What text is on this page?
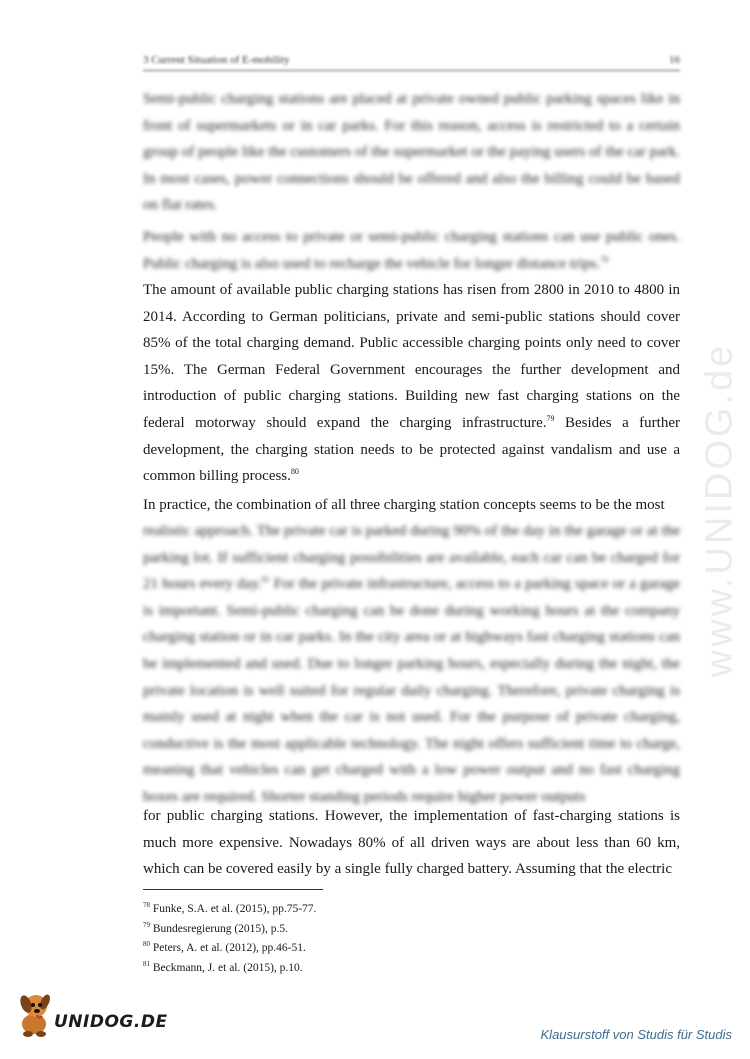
3 Current Situation of E-mobility	16
Semi-public charging stations are placed at private owned public parking spaces like in front of supermarkets or in car parks. For this reason, access is restricted to a certain group of people like the customers of the supermarket or the paying users of the car park. In most cases, power connections should be offered and also the billing could be based on flat rates.
People with no access to private or semi-public charging stations can use public ones. Public charging is also used to recharge the vehicle for longer distance trips.$^{78}$
The amount of available public charging stations has risen from 2800 in 2010 to 4800 in 2014. According to German politicians, private and semi-public stations should cover 85% of the total charging demand. Public accessible charging points only need to cover 15%. The German Federal Government encourages the further development and introduction of public charging stations. Building new fast charging stations on the federal motorway should expand the charging infrastructure.$^{79}$ Besides a further development, the charging station needs to be protected against vandalism and use a common billing process.$^{80}$
In practice, the combination of all three charging station concepts seems to be the most
realistic approach. The private car is parked during 90% of the day in the garage or at the parking lot. If sufficient charging possibilities are available, each car can be charged for 21 hours every day.$^{81}$ For the private infrastructure, access to a parking space or a garage is important. Semi-public charging can be done during working hours at the company charging station or in car parks. In the city area or at highways fast charging stations can be implemented and used. Due to longer parking hours, especially during the night, the private location is well suited for regular daily charging. Therefore, private charging is mainly used at night when the car is not used. For the purpose of private charging, conductive is the most applicable technology. The night offers sufficient time to charge, meaning that vehicles can get charged with a low power output and no fast charging boxes are required. Shorter standing periods require higher power outputs
for public charging stations. However, the implementation of fast-charging stations is much more expensive. Nowadays 80% of all driven ways are about less than 60 km, which can be covered easily by a single fully charged battery. Assuming that the electric
$^{78}$ Funke, S.A. et al. (2015), pp.75-77.
$^{79}$ Bundesregierung (2015), p.5.
$^{80}$ Peters, A. et al. (2012), pp.46-51.
$^{81}$ Beckmann, J. et al. (2015), p.10.
www.UNIDOG.de
UNIDOG.DE
Klausurstoff von Studis für Studis
